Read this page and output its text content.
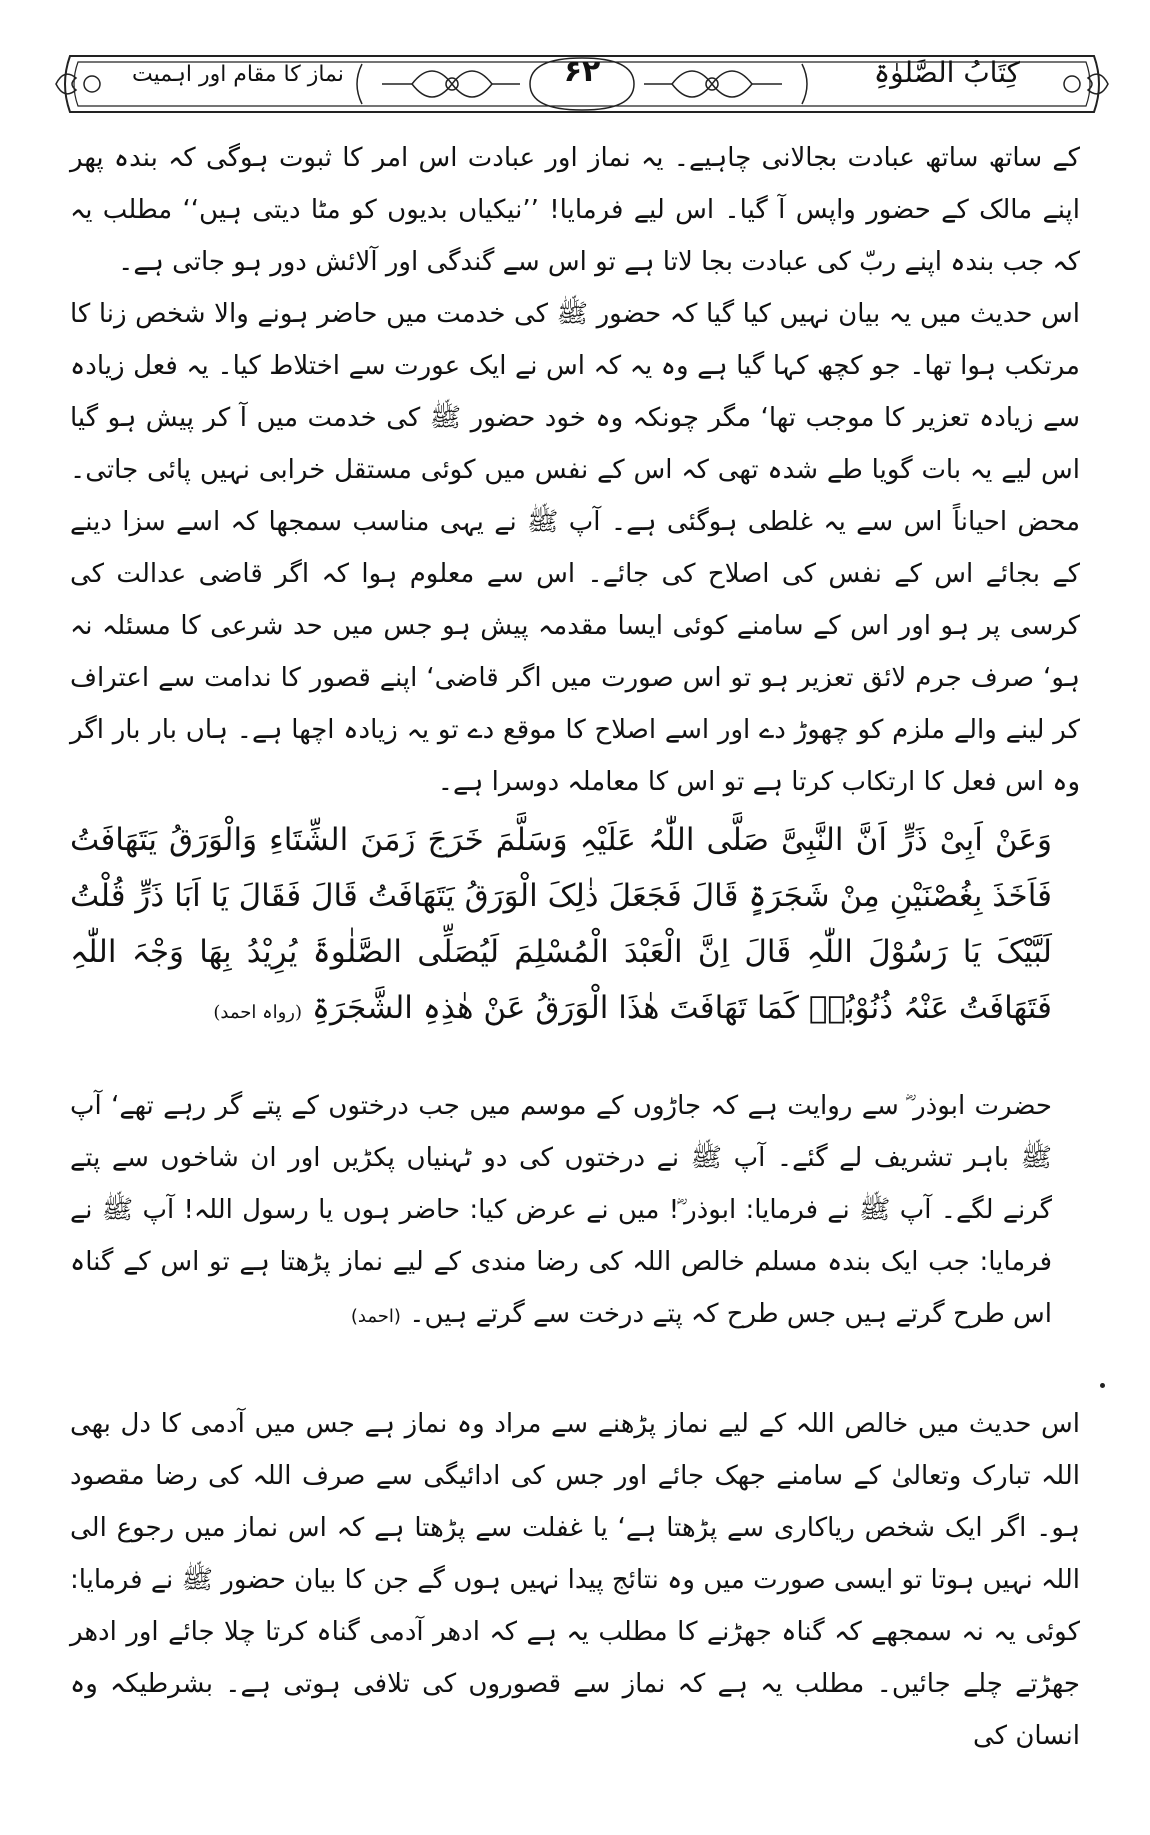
کِتَابُ الصَّلوٰۃِ
۶۲
نماز کا مقام اور اہمیت

کے ساتھ ساتھ عبادت بجالانی چاہیے۔ یہ نماز اور عبادت اس امر کا ثبوت ہوگی کہ بندہ پھر اپنے مالک کے حضور واپس آ گیا۔ اس لیے فرمایا! ’’نیکیاں بدیوں کو مٹا دیتی ہیں‘‘ مطلب یہ کہ جب بندہ اپنے ربّ کی عبادت بجا لاتا ہے تو اس سے گندگی اور آلائش دور ہو جاتی ہے۔

اس حدیث میں یہ بیان نہیں کیا گیا کہ حضور ﷺ کی خدمت میں حاضر ہونے والا شخص زنا کا مرتکب ہوا تھا۔ جو کچھ کہا گیا ہے وہ یہ کہ اس نے ایک عورت سے اختلاط کیا۔ یہ فعل زیادہ سے زیادہ تعزیر کا موجب تھا‘ مگر چونکہ وہ خود حضور ﷺ کی خدمت میں آ کر پیش ہو گیا اس لیے یہ بات گویا طے شدہ تھی کہ اس کے نفس میں کوئی مستقل خرابی نہیں پائی جاتی۔ محض احیاناً اس سے یہ غلطی ہوگئی ہے۔ آپ ﷺ نے یہی مناسب سمجھا کہ اسے سزا دینے کے بجائے اس کے نفس کی اصلاح کی جائے۔ اس سے معلوم ہوا کہ اگر قاضی عدالت کی کرسی پر ہو اور اس کے سامنے کوئی ایسا مقدمہ پیش ہو جس میں حد شرعی کا مسئلہ نہ ہو‘ صرف جرم لائق تعزیر ہو تو اس صورت میں اگر قاضی‘ اپنے قصور کا ندامت سے اعتراف کر لینے والے ملزم کو چھوڑ دے اور اسے اصلاح کا موقع دے تو یہ زیادہ اچھا ہے۔ ہاں بار بار اگر وہ اس فعل کا ارتکاب کرتا ہے تو اس کا معاملہ دوسرا ہے۔

وَعَنْ اَبِیْ ذَرٍّ اَنَّ النَّبِیَّ صَلَّی اللّٰہُ عَلَیْہِ وَسَلَّمَ خَرَجَ زَمَنَ الشِّتَاءِ وَالْوَرَقُ یَتَھَافَتُ فَاَخَذَ بِغُصْنَیْنِ مِنْ شَجَرَۃٍ قَالَ فَجَعَلَ ذٰلِکَ الْوَرَقُ یَتَھَافَتُ قَالَ فَقَالَ یَا اَبَا ذَرٍّ قُلْتُ لَبَّیْکَ یَا رَسُوْلَ اللّٰہِ قَالَ اِنَّ الْعَبْدَ الْمُسْلِمَ لَیُصَلِّی الصَّلٰوۃَ یُرِیْدُ بِھَا وَجْہَ اللّٰہِ فَتَھَافَتُ عَنْہُ ذُنُوْبُہٗ کَمَا تَھَافَتَ ھٰذَا الْوَرَقُ عَنْ ھٰذِہِ الشَّجَرَۃِ (رواہ احمد)

حضرت ابوذر ؓ سے روایت ہے کہ جاڑوں کے موسم میں جب درختوں کے پتے گر رہے تھے‘ آپ ﷺ باہر تشریف لے گئے۔ آپ ﷺ نے درختوں کی دو ٹہنیاں پکڑیں اور ان شاخوں سے پتے گرنے لگے۔ آپ ﷺ نے فرمایا: ابوذر ؓ! میں نے عرض کیا: حاضر ہوں یا رسول اللہ! آپ ﷺ نے فرمایا: جب ایک بندہ مسلم خالص اللہ کی رضا مندی کے لیے نماز پڑھتا ہے تو اس کے گناہ اس طرح گرتے ہیں جس طرح کہ پتے درخت سے گرتے ہیں۔ (احمد)

اس حدیث میں خالص اللہ کے لیے نماز پڑھنے سے مراد وہ نماز ہے جس میں آدمی کا دل بھی اللہ تبارک وتعالیٰ کے سامنے جھک جائے اور جس کی ادائیگی سے صرف اللہ کی رضا مقصود ہو۔ اگر ایک شخص ریاکاری سے پڑھتا ہے‘ یا غفلت سے پڑھتا ہے کہ اس نماز میں رجوع الی اللہ نہیں ہوتا تو ایسی صورت میں وہ نتائج پیدا نہیں ہوں گے جن کا بیان حضور ﷺ نے فرمایا: کوئی یہ نہ سمجھے کہ گناہ جھڑنے کا مطلب یہ ہے کہ ادھر آدمی گناہ کرتا چلا جائے اور ادھر جھڑتے چلے جائیں۔ مطلب یہ ہے کہ نماز سے قصوروں کی تلافی ہوتی ہے۔ بشرطیکہ وہ انسان کی
